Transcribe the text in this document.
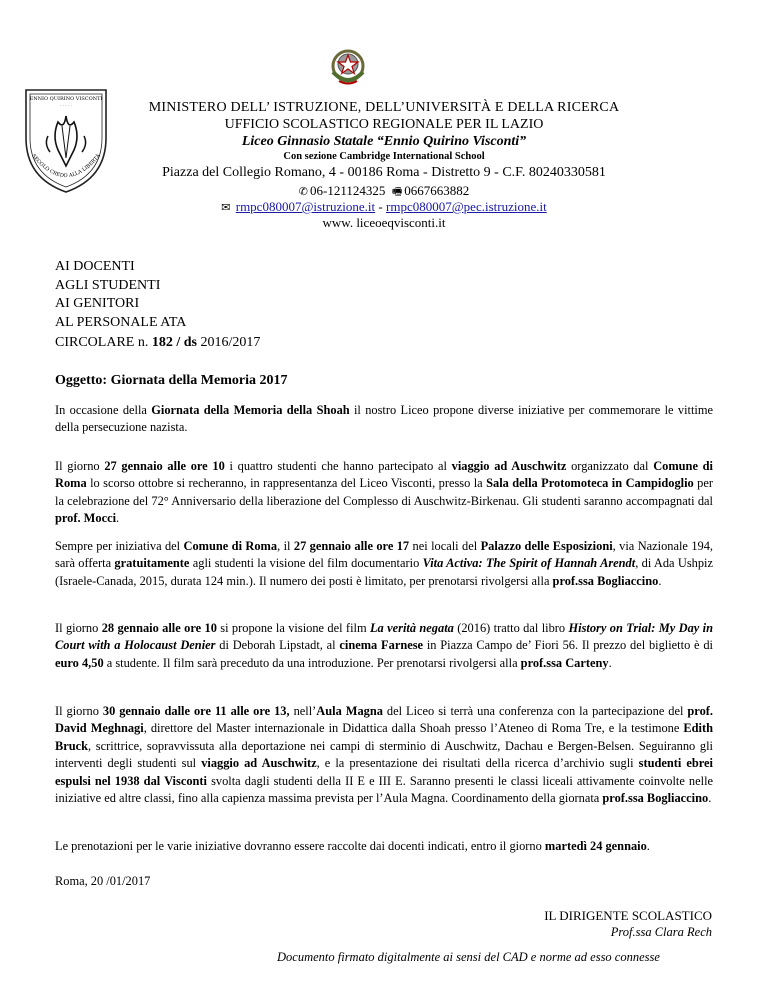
ENNIO QUIRINO VISCONTI
· · · · ·
SECOLO CREDO ALLA LIBERTÀ
MINISTERO DELL’ ISTRUZIONE, DELL’UNIVERSITÀ E DELLA RICERCA
UFFICIO SCOLASTICO REGIONALE PER IL LAZIO
Liceo Ginnasio Statale “Ennio Quirino Visconti”
Con sezione Cambridge International School
Piazza del Collegio Romano, 4 - 00186 Roma - Distretto 9 - C.F. 80240330581
✆ 06-121124325 🖷 0667663882
✉ rmpc080007@istruzione.it - rmpc080007@pec.istruzione.it
www. liceoeqvisconti.it
AI DOCENTI
AGLI STUDENTI
AI GENITORI
AL PERSONALE ATA
CIRCOLARE n. 182 / ds 2016/2017
Oggetto: Giornata della Memoria 2017
In occasione della Giornata della Memoria della Shoah il nostro Liceo propone diverse iniziative per commemorare le vittime della persecuzione nazista.
Il giorno 27 gennaio alle ore 10 i quattro studenti che hanno partecipato al viaggio ad Auschwitz organizzato dal Comune di Roma lo scorso ottobre si recheranno, in rappresentanza del Liceo Visconti, presso la Sala della Protomoteca in Campidoglio per la celebrazione del 72° Anniversario della liberazione del Complesso di Auschwitz-Birkenau. Gli studenti saranno accompagnati dal prof. Mocci.
Sempre per iniziativa del Comune di Roma, il 27 gennaio alle ore 17 nei locali del Palazzo delle Esposizioni, via Nazionale 194, sarà offerta gratuitamente agli studenti la visione del film documentario Vita Activa: The Spirit of Hannah Arendt, di Ada Ushpiz (Israele-Canada, 2015, durata 124 min.). Il numero dei posti è limitato, per prenotarsi rivolgersi alla prof.ssa Bogliaccino.
Il giorno 28 gennaio alle ore 10 si propone la visione del film La verità negata (2016) tratto dal libro History on Trial: My Day in Court with a Holocaust Denier di Deborah Lipstadt, al cinema Farnese in Piazza Campo de’ Fiori 56. Il prezzo del biglietto è di euro 4,50 a studente. Il film sarà preceduto da una introduzione. Per prenotarsi rivolgersi alla prof.ssa Carteny.
Il giorno 30 gennaio dalle ore 11 alle ore 13, nell’Aula Magna del Liceo si terrà una conferenza con la partecipazione del prof. David Meghnagi, direttore del Master internazionale in Didattica dalla Shoah presso l’Ateneo di Roma Tre, e la testimone Edith Bruck, scrittrice, sopravvissuta alla deportazione nei campi di sterminio di Auschwitz, Dachau e Bergen-Belsen. Seguiranno gli interventi degli studenti sul viaggio ad Auschwitz, e la presentazione dei risultati della ricerca d’archivio sugli studenti ebrei espulsi nel 1938 dal Visconti svolta dagli studenti della II E e III E. Saranno presenti le classi liceali attivamente coinvolte nelle iniziative ed altre classi, fino alla capienza massima prevista per l’Aula Magna. Coordinamento della giornata prof.ssa Bogliaccino.
Le prenotazioni per le varie iniziative dovranno essere raccolte dai docenti indicati, entro il giorno martedì 24 gennaio.
Roma, 20 /01/2017
IL DIRIGENTE SCOLASTICO
Prof.ssa Clara Rech
Documento firmato digitalmente ai sensi del CAD e norme ad esso connesse
